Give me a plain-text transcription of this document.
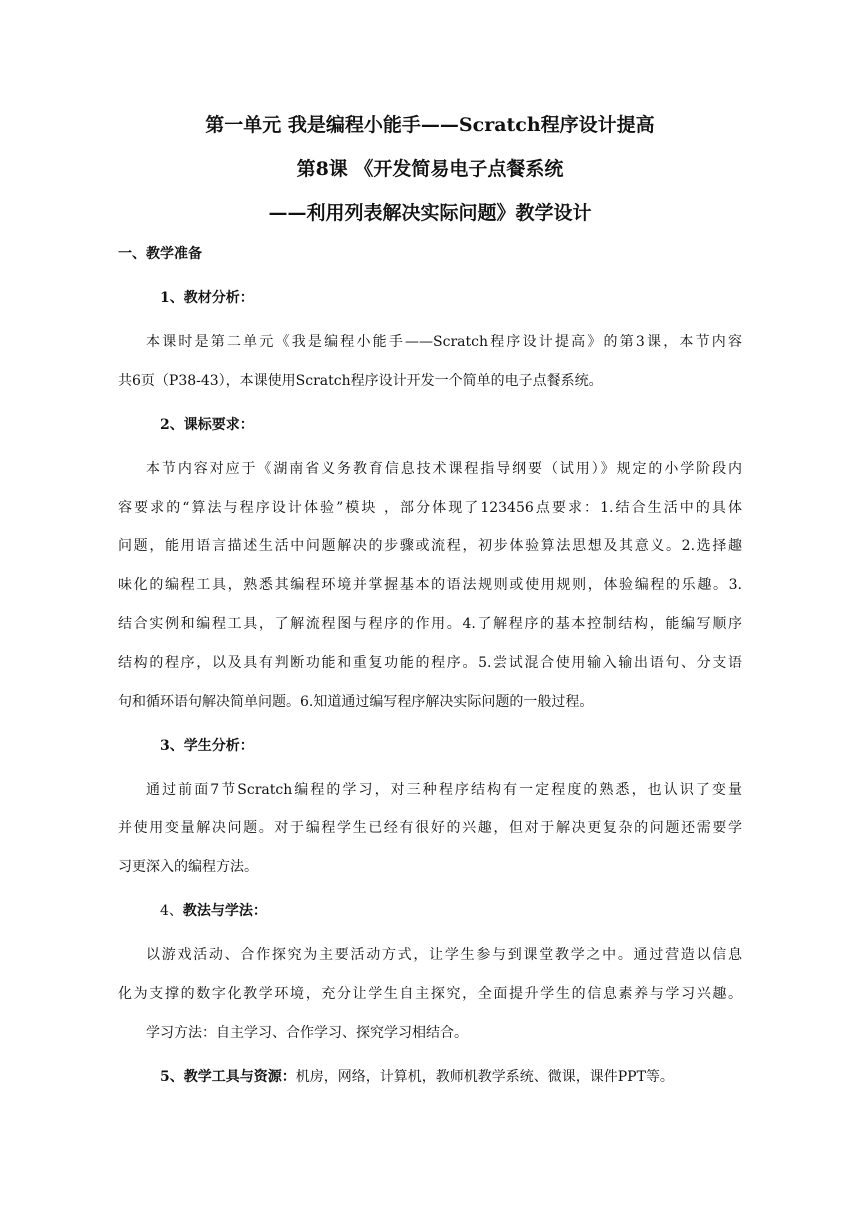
第一单元 我是编程小能手——Scratch程序设计提高
第8课 《开发简易电子点餐系统
——利用列表解决实际问题》教学设计
一、教学准备
1、教材分析：
本课时是第二单元《我是编程小能手——Scratch程序设计提高》的第3课，本节内容
共6页（P38-43），本课使用Scratch程序设计开发一个简单的电子点餐系统。
2、课标要求：
本节内容对应于《湖南省义务教育信息技术课程指导纲要（试用）》规定的小学阶段内
容要求的“算法与程序设计体验”模块 ，部分体现了123456点要求：1.结合生活中的具体
问题，能用语言描述生活中问题解决的步骤或流程，初步体验算法思想及其意义。2.选择趣
味化的编程工具，熟悉其编程环境并掌握基本的语法规则或使用规则，体验编程的乐趣。3.
结合实例和编程工具，了解流程图与程序的作用。4.了解程序的基本控制结构，能编写顺序
结构的程序，以及具有判断功能和重复功能的程序。5.尝试混合使用输入输出语句、分支语
句和循环语句解决简单问题。6.知道通过编写程序解决实际问题的一般过程。
3、学生分析：
通过前面7节Scratch编程的学习，对三种程序结构有一定程度的熟悉，也认识了变量
并使用变量解决问题。对于编程学生已经有很好的兴趣，但对于解决更复杂的问题还需要学
习更深入的编程方法。
4、教法与学法：
以游戏活动、合作探究为主要活动方式，让学生参与到课堂教学之中。通过营造以信息
化为支撑的数字化教学环境，充分让学生自主探究，全面提升学生的信息素养与学习兴趣。
学习方法：自主学习、合作学习、探究学习相结合。
5、教学工具与资源：机房，网络，计算机，教师机教学系统、微课，课件PPT等。
